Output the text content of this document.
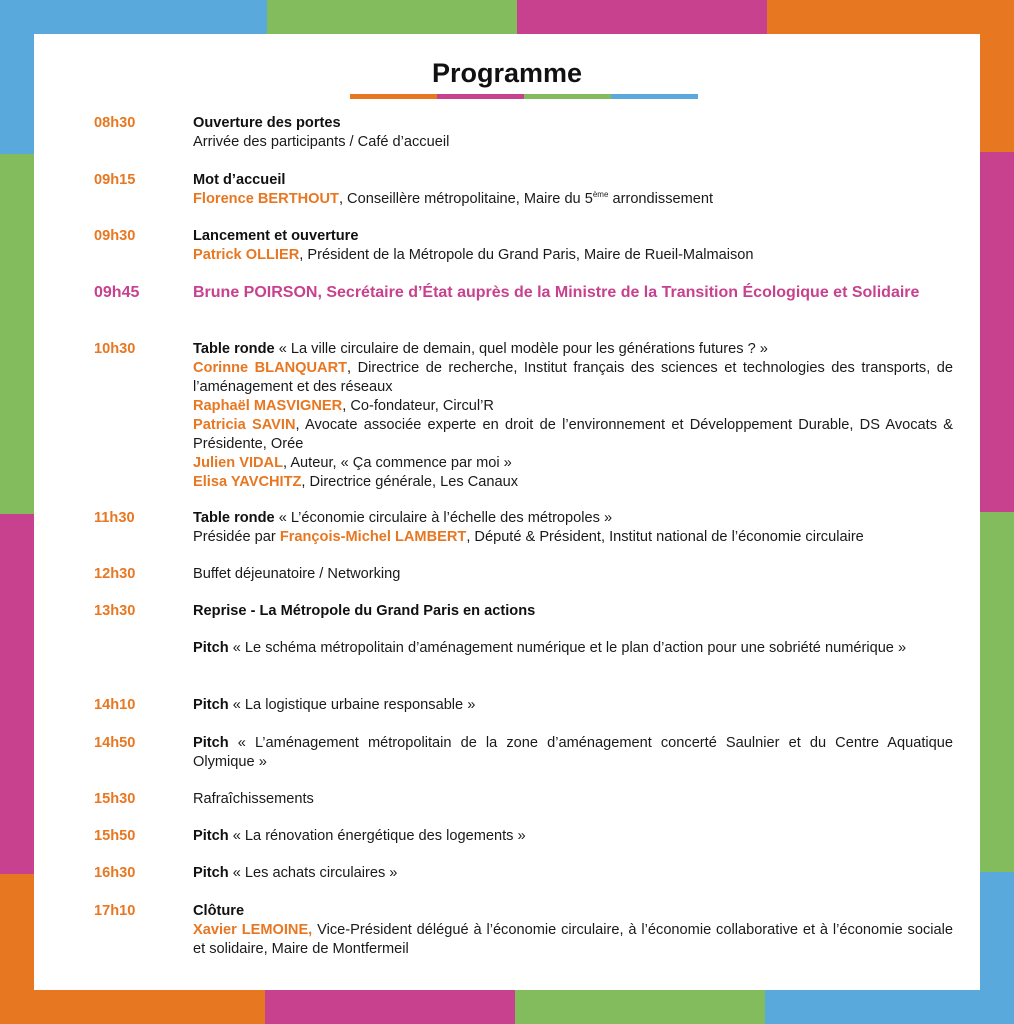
Programme
08h30	Ouverture des portes
Arrivée des participants / Café d’accueil
09h15	Mot d’accueil
Florence BERTHOUT, Conseillère métropolitaine, Maire du 5ème arrondissement
09h30	Lancement et ouverture
Patrick OLLIER, Président de la Métropole du Grand Paris, Maire de Rueil-Malmaison
09h45	Brune POIRSON, Secrétaire d’État auprès de la Ministre de la Transition Écologique et Solidaire
10h30	Table ronde « La ville circulaire de demain, quel modèle pour les générations futures ? »
Corinne BLANQUART, Directrice de recherche, Institut français des sciences et technologies des transports, de l’aménagement et des réseaux
Raphaël MASVIGNER, Co-fondateur, Circul’R
Patricia SAVIN, Avocate associée experte en droit de l’environnement et Développement Durable, DS Avocats & Présidente, Orée
Julien VIDAL, Auteur, « Ça commence par moi »
Elisa YAVCHITZ, Directrice générale, Les Canaux
11h30	Table ronde « L’économie circulaire à l’échelle des métropoles »
Présidée par François-Michel LAMBERT, Député & Président, Institut national de l’économie circulaire
12h30	Buffet déjeunatoire / Networking
13h30	Reprise - La Métropole du Grand Paris en actions
Pitch « Le schéma métropolitain d’aménagement numérique et le plan d’action pour une sobriété numérique »
14h10	Pitch « La logistique urbaine responsable »
14h50	Pitch « L’aménagement métropolitain de la zone d’aménagement concerté Saulnier et du Centre Aquatique Olymique »
15h30	Rafraîchissements
15h50	Pitch « La rénovation énergétique des logements »
16h30	Pitch « Les achats circulaires »
17h10	Clôture
Xavier LEMOINE, Vice-Président délégué à l’économie circulaire, à l’économie collaborative et à l’économie sociale et solidaire, Maire de Montfermeil
